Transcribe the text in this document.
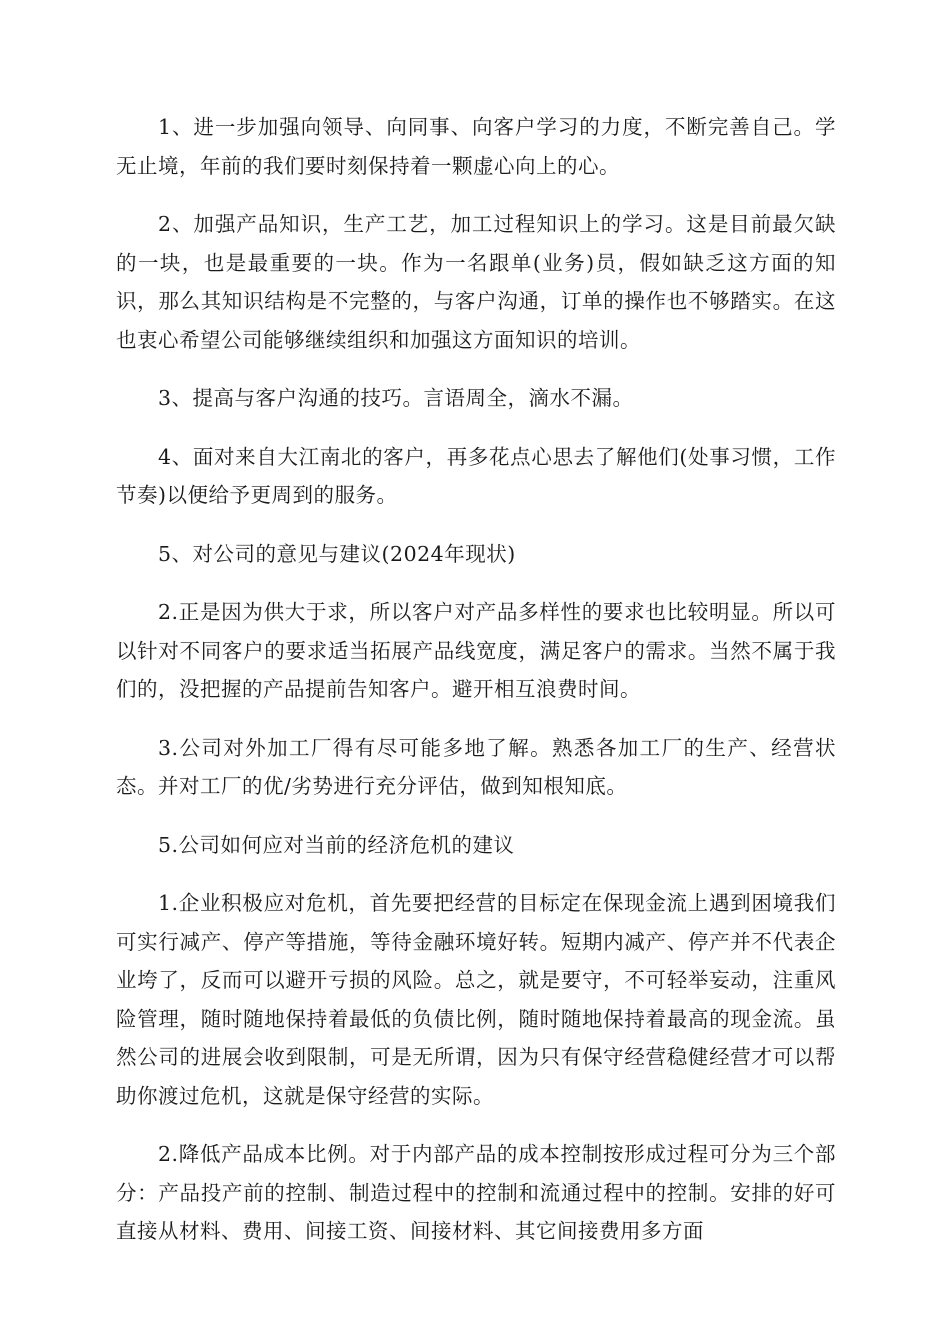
1、进一步加强向领导、向同事、向客户学习的力度，不断完善自己。学无止境，年前的我们要时刻保持着一颗虚心向上的心。

2、加强产品知识，生产工艺，加工过程知识上的学习。这是目前最欠缺的一块，也是最重要的一块。作为一名跟单(业务)员，假如缺乏这方面的知识，那么其知识结构是不完整的，与客户沟通，订单的操作也不够踏实。在这也衷心希望公司能够继续组织和加强这方面知识的培训。

3、提高与客户沟通的技巧。言语周全，滴水不漏。

4、面对来自大江南北的客户，再多花点心思去了解他们(处事习惯，工作节奏)以便给予更周到的服务。

5、对公司的意见与建议(2024年现状)

2.正是因为供大于求，所以客户对产品多样性的要求也比较明显。所以可以针对不同客户的要求适当拓展产品线宽度，满足客户的需求。当然不属于我们的，没把握的产品提前告知客户。避开相互浪费时间。

3.公司对外加工厂得有尽可能多地了解。熟悉各加工厂的生产、经营状态。并对工厂的优/劣势进行充分评估，做到知根知底。

5.公司如何应对当前的经济危机的建议

1.企业积极应对危机，首先要把经营的目标定在保现金流上遇到困境我们可实行减产、停产等措施，等待金融环境好转。短期内减产、停产并不代表企业垮了，反而可以避开亏损的风险。总之，就是要守，不可轻举妄动，注重风险管理，随时随地保持着最低的负债比例，随时随地保持着最高的现金流。虽然公司的进展会收到限制，可是无所谓，因为只有保守经营稳健经营才可以帮助你渡过危机，这就是保守经营的实际。

2.降低产品成本比例。对于内部产品的成本控制按形成过程可分为三个部分：产品投产前的控制、制造过程中的控制和流通过程中的控制。安排的好可直接从材料、费用、间接工资、间接材料、其它间接费用多方面
